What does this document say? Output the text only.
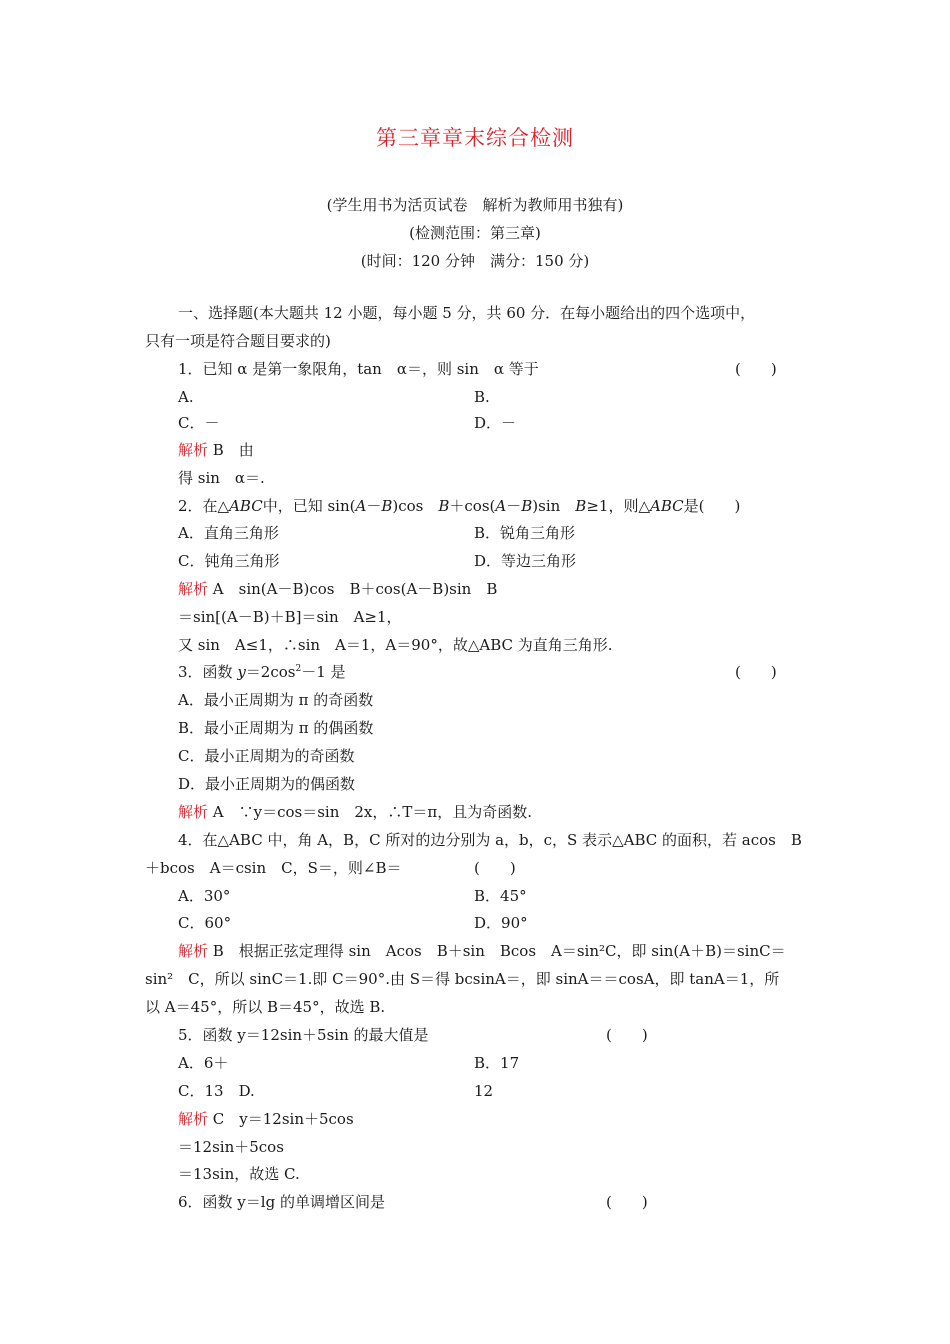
第三章章末综合检测
(学生用书为活页试卷　解析为教师用书独有)
(检测范围：第三章)
(时间：120 分钟　满分：150 分)
一、选择题(本大题共 12 小题，每小题 5 分，共 60 分．在每小题给出的四个选项中，
只有一项是符合题目要求的)
1．已知 α 是第一象限角，tan　α＝，则 sin　α 等于	(　　)
A.	B.
C．－	D．－
解析 B　由
得 sin　α＝.
2．在△ABC中，已知 sin(A－B)cos　B＋cos(A－B)sin　B≥1，则△ABC是(　　)
A．直角三角形	B．锐角三角形
C．钝角三角形	D．等边三角形
解析 A　sin(A－B)cos　B＋cos(A－B)sin　B
＝sin[(A－B)＋B]＝sin　A≥1，
又 sin　A≤1，∴sin　A＝1，A＝90°，故△ABC 为直角三角形.
3．函数 $y=2\cos^2-1$ 是	(　　)
A．最小正周期为 π 的奇函数
B．最小正周期为 π 的偶函数
C．最小正周期为的奇函数
D．最小正周期为的偶函数
解析 A　∵y＝cos＝sin　2x，∴T＝π，且为奇函数.
4．在△ABC 中，角 A，B，C 所对的边分别为 a，b，c，S 表示△ABC 的面积，若 acos　B
＋bcos　A＝csin　C，S＝，则∠B＝	(　　)
A．30°	B．45°
C．60°	D．90°
解析 B　根据正弦定理得 sin　Acos　B＋sin　Bcos　A＝sin²C，即 sin(A＋B)＝sinC＝
sin²　C，所以 sinC＝1.即 C＝90°.由 S＝得 bcsinA＝，即 sinA＝＝cosA，即 tanA＝1，所
以 A＝45°，所以 B＝45°，故选 B.
5．函数 y＝12sin＋5sin 的最大值是	(　　)
A．6＋	B．17
C．13　D.	12
解析 C　y＝12sin＋5cos
＝12sin＋5cos
＝13sin，故选 C.
6．函数 y＝lg 的单调增区间是	(　　)
